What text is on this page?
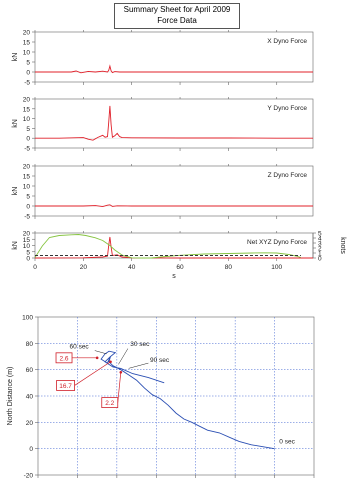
Summary Sheet for April 2009
Force Data
20
15
10
5
0
-5
kN
X Dyno Force
20
15
10
5
0
-5
kN
Y Dyno Force
20
15
10
5
0
-5
kN
Z Dyno Force
20
15
10
5
0
kN	Net XYZ Dyno Force
5
4
3
2
1
0
knots
0	20	40	60	80	100
s
100
80
60
40
20
0
-20
North Distance (m)
0 sec
30 sec
60 sec
90 sec
2.6
16.7
2.2
